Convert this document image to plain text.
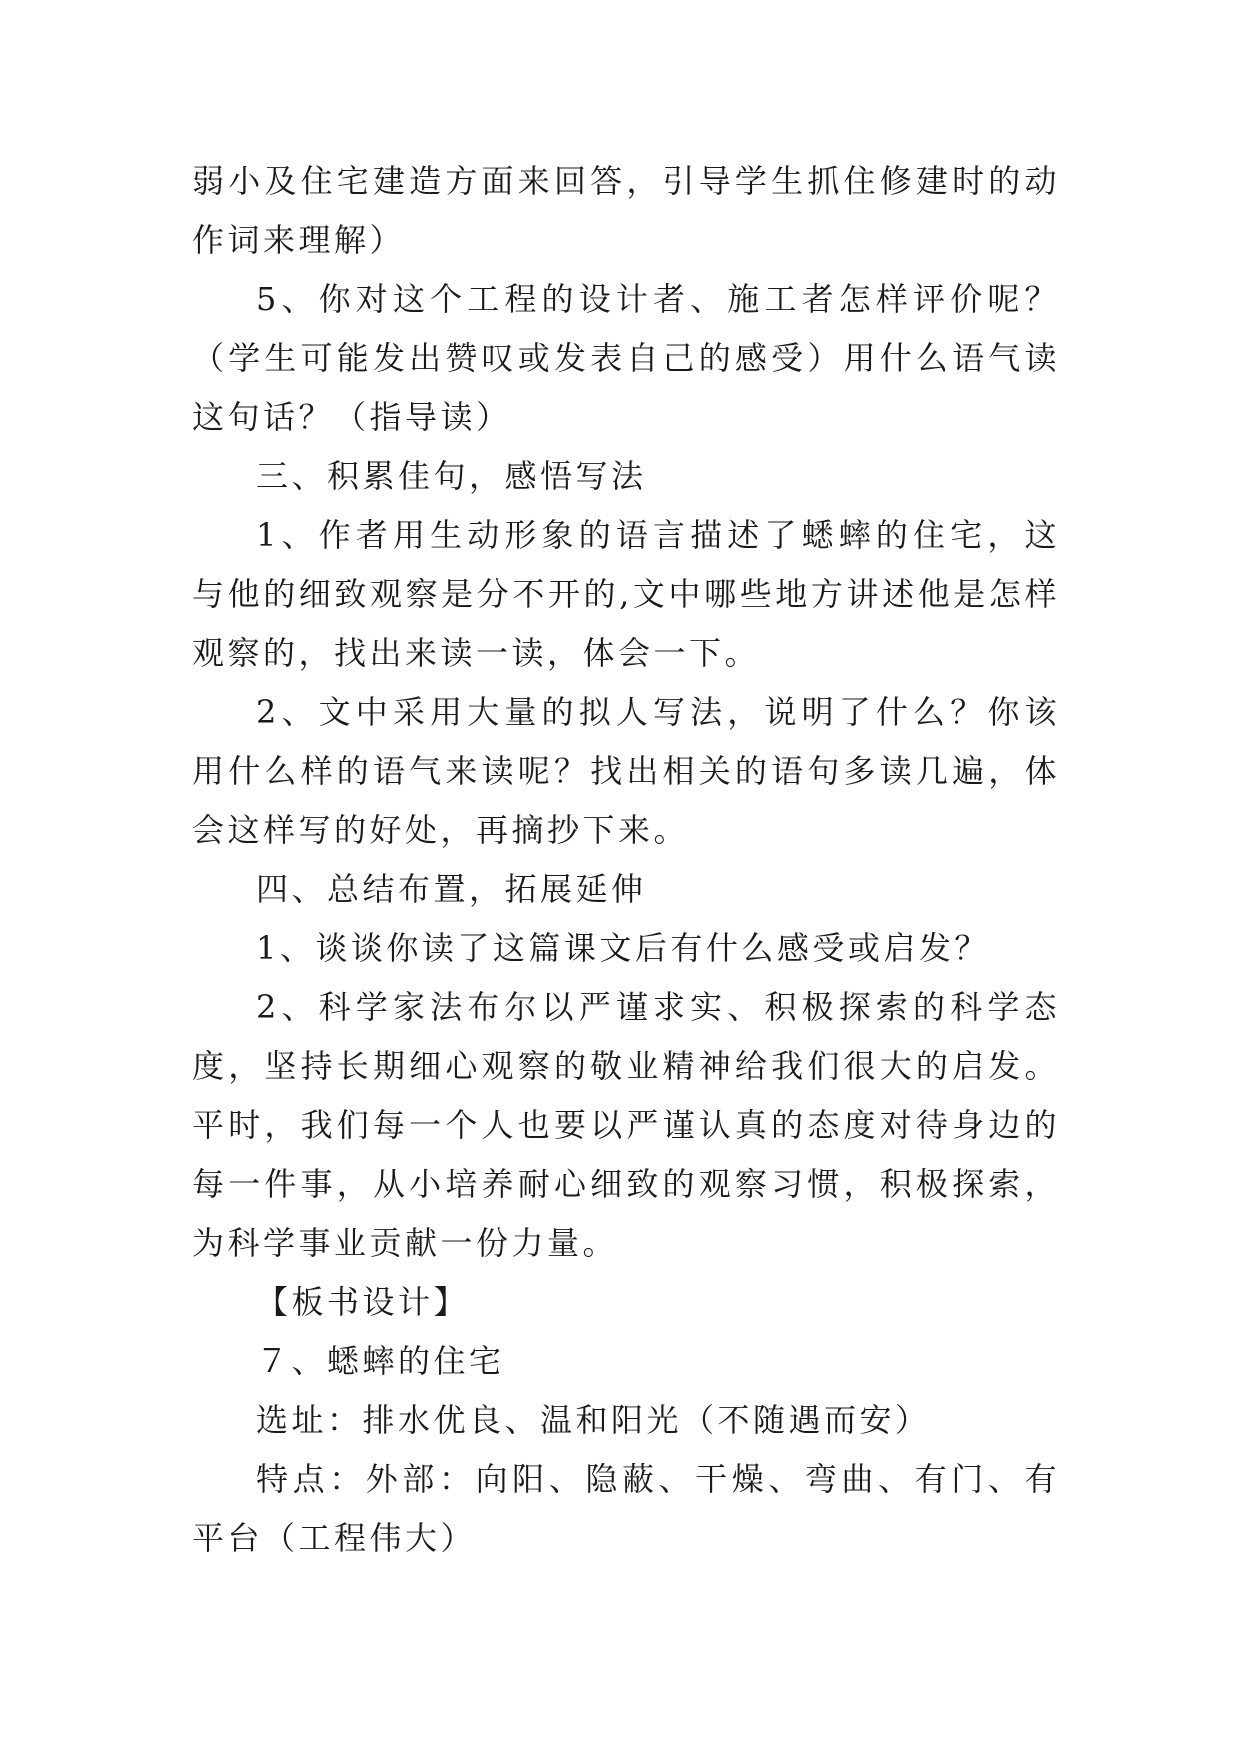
弱小及住宅建造方面来回答，引导学生抓住修建时的动作词来理解）

5、你对这个工程的设计者、施工者怎样评价呢？（学生可能发出赞叹或发表自己的感受）用什么语气读这句话？（指导读）

三、积累佳句，感悟写法

1、作者用生动形象的语言描述了蟋蟀的住宅，这与他的细致观察是分不开的,文中哪些地方讲述他是怎样观察的，找出来读一读，体会一下。

2、文中采用大量的拟人写法，说明了什么？你该用什么样的语气来读呢？找出相关的语句多读几遍，体会这样写的好处，再摘抄下来。

四、总结布置，拓展延伸

1、谈谈你读了这篇课文后有什么感受或启发？

2、科学家法布尔以严谨求实、积极探索的科学态度，坚持长期细心观察的敬业精神给我们很大的启发。平时，我们每一个人也要以严谨认真的态度对待身边的每一件事，从小培养耐心细致的观察习惯，积极探索，为科学事业贡献一份力量。

【板书设计】

７、蟋蟀的住宅

选址：排水优良、温和阳光（不随遇而安）

特点：外部：向阳、隐蔽、干燥、弯曲、有门、有平台（工程伟大）
